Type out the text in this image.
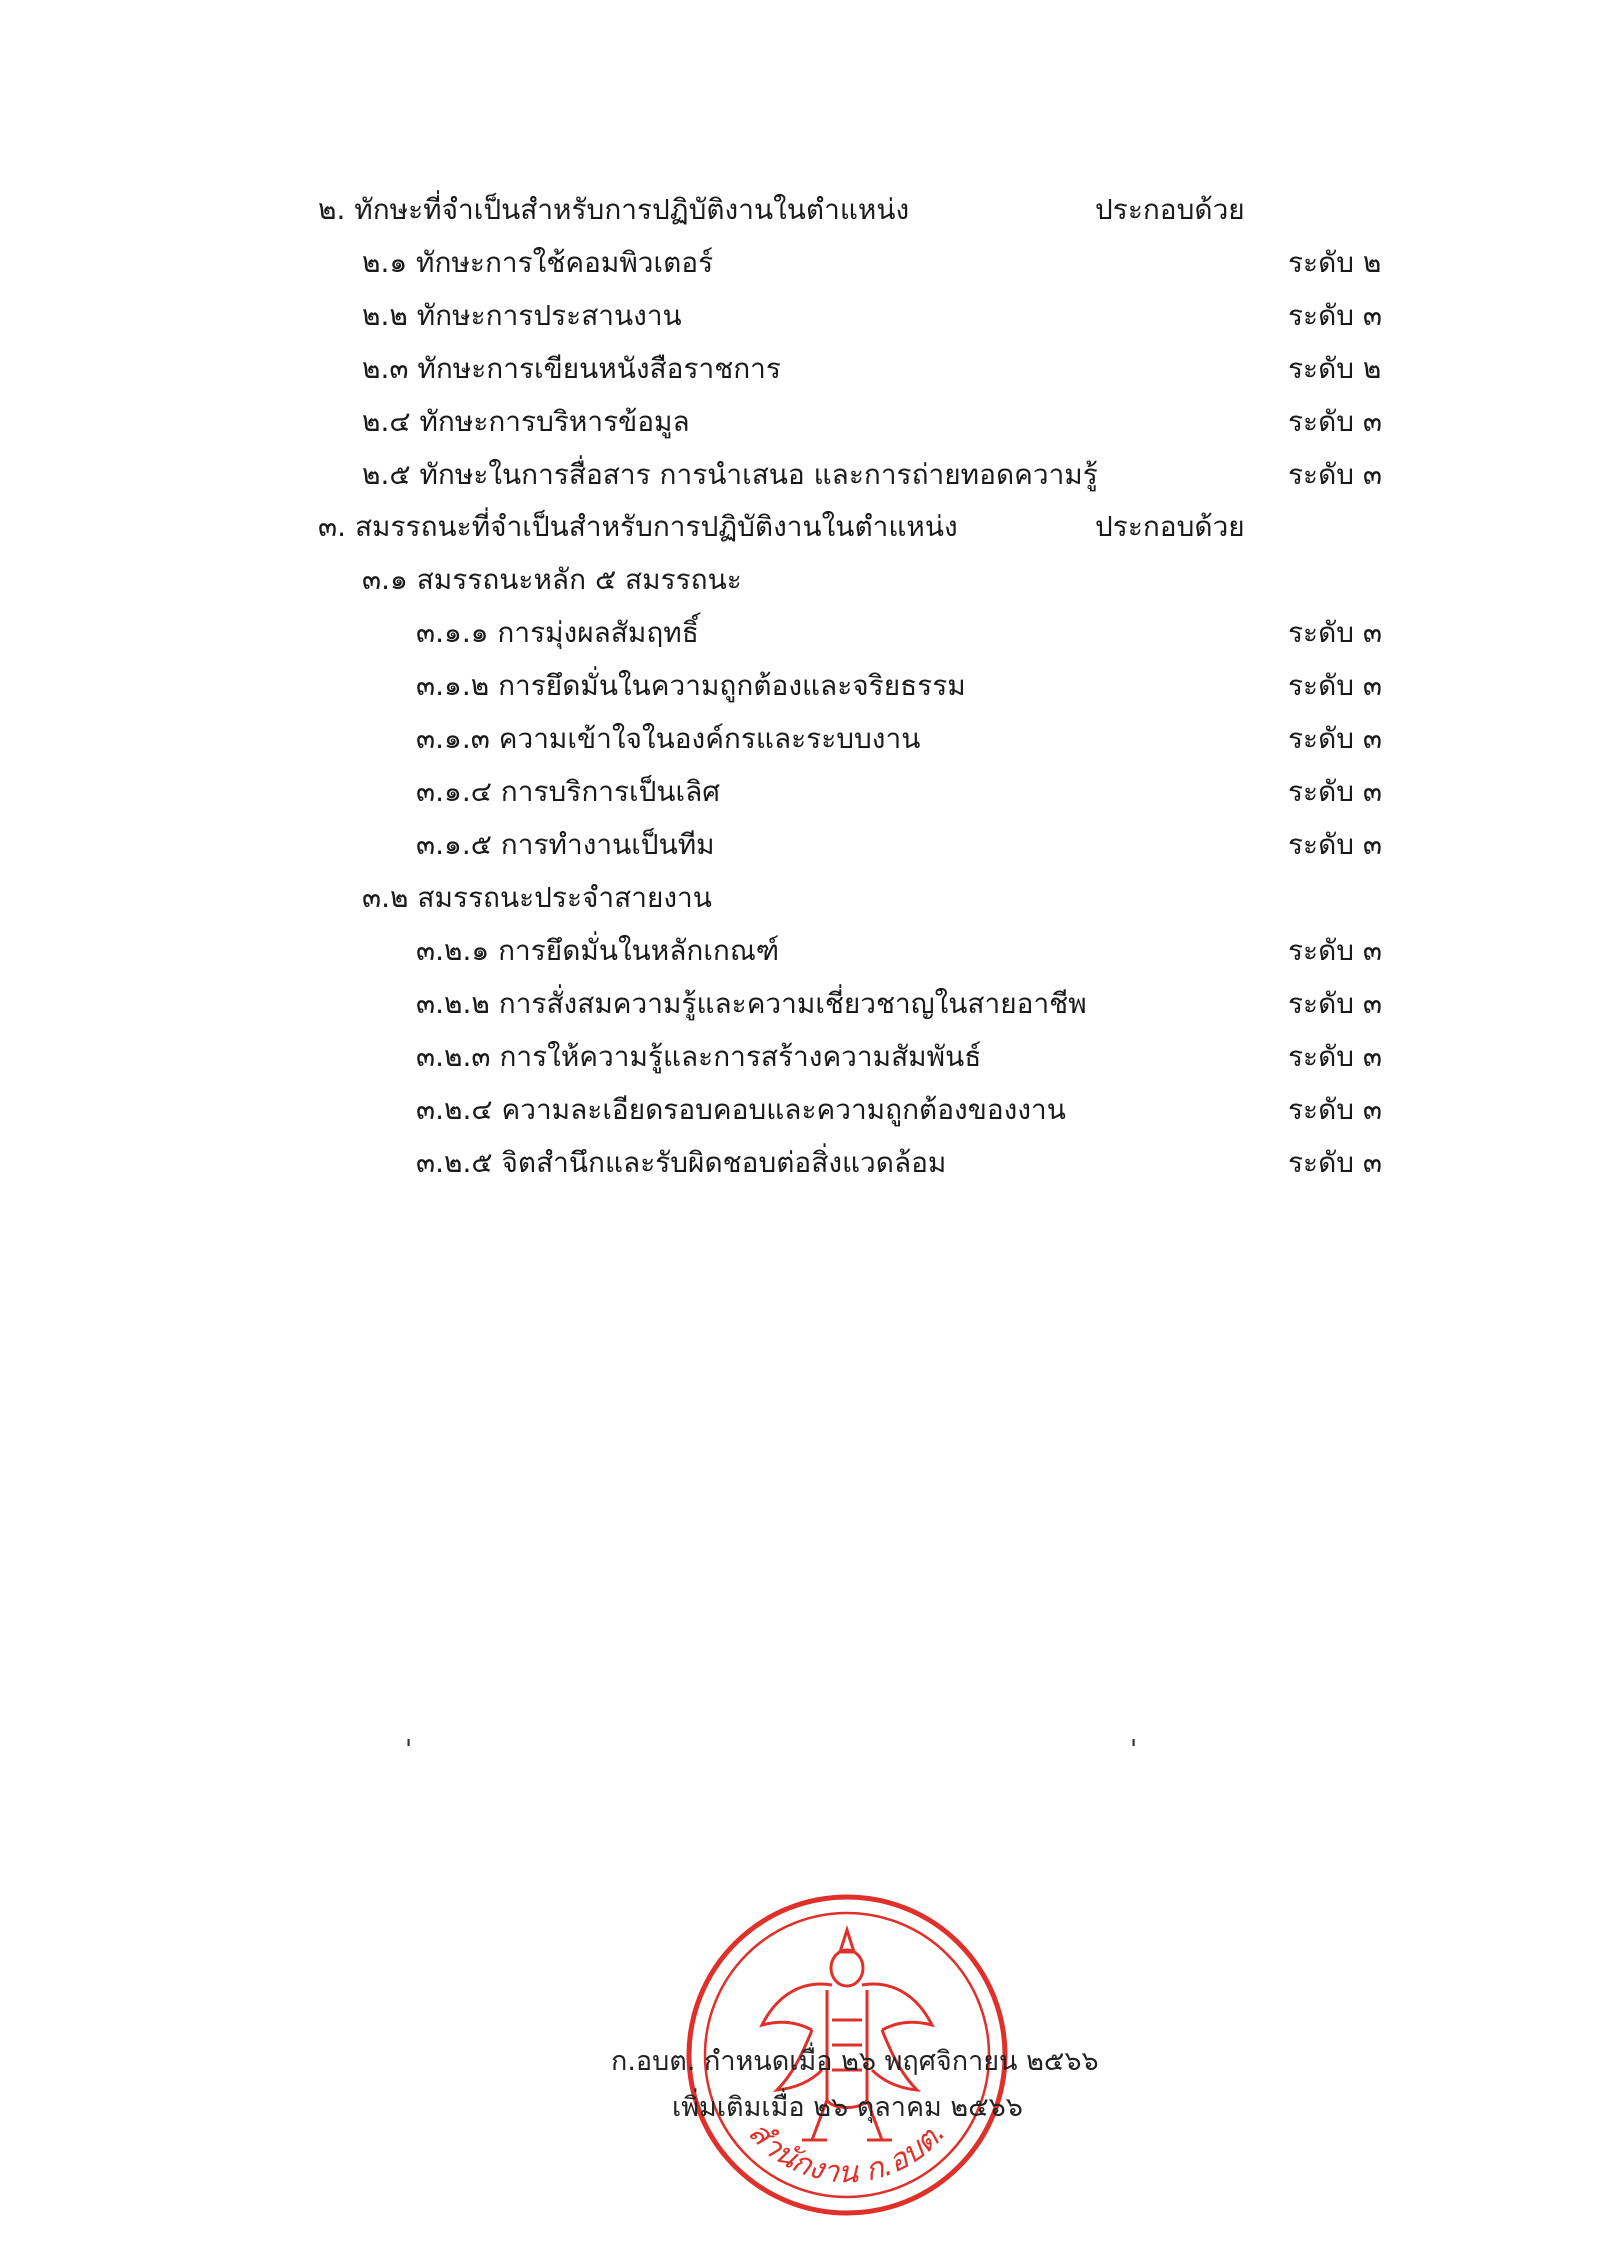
๒. ทักษะที่จำเป็นสำหรับการปฏิบัติงานในตำแหน่ง	ประกอบด้วย
๒.๑ ทักษะการใช้คอมพิวเตอร์	ระดับ ๒
๒.๒ ทักษะการประสานงาน	ระดับ ๓
๒.๓ ทักษะการเขียนหนังสือราชการ	ระดับ ๒
๒.๔ ทักษะการบริหารข้อมูล	ระดับ ๓
๒.๕ ทักษะในการสื่อสาร การนำเสนอ และการถ่ายทอดความรู้	ระดับ ๓
๓. สมรรถนะที่จำเป็นสำหรับการปฏิบัติงานในตำแหน่ง	ประกอบด้วย
๓.๑ สมรรถนะหลัก ๕ สมรรถนะ
๓.๑.๑ การมุ่งผลสัมฤทธิ์	ระดับ ๓
๓.๑.๒ การยึดมั่นในความถูกต้องและจริยธรรม	ระดับ ๓
๓.๑.๓ ความเข้าใจในองค์กรและระบบงาน	ระดับ ๓
๓.๑.๔ การบริการเป็นเลิศ	ระดับ ๓
๓.๑.๕ การทำงานเป็นทีม	ระดับ ๓
๓.๒ สมรรถนะประจำสายงาน
๓.๒.๑ การยึดมั่นในหลักเกณฑ์	ระดับ ๓
๓.๒.๒ การสั่งสมความรู้และความเชี่ยวชาญในสายอาชีพ	ระดับ ๓
๓.๒.๓ การให้ความรู้และการสร้างความสัมพันธ์	ระดับ ๓
๓.๒.๔ ความละเอียดรอบคอบและความถูกต้องของงาน	ระดับ ๓
๓.๒.๕ จิตสำนึกและรับผิดชอบต่อสิ่งแวดล้อม	ระดับ ๓
'	'
สำนักงาน ก.อบต.
ก.อบต. กำหนดเมื่อ ๒๖ พฤศจิกายน ๒๕๖๖
เพิ่มเติมเมื่อ ๒๖ ตุลาคม ๒๕๖๖
